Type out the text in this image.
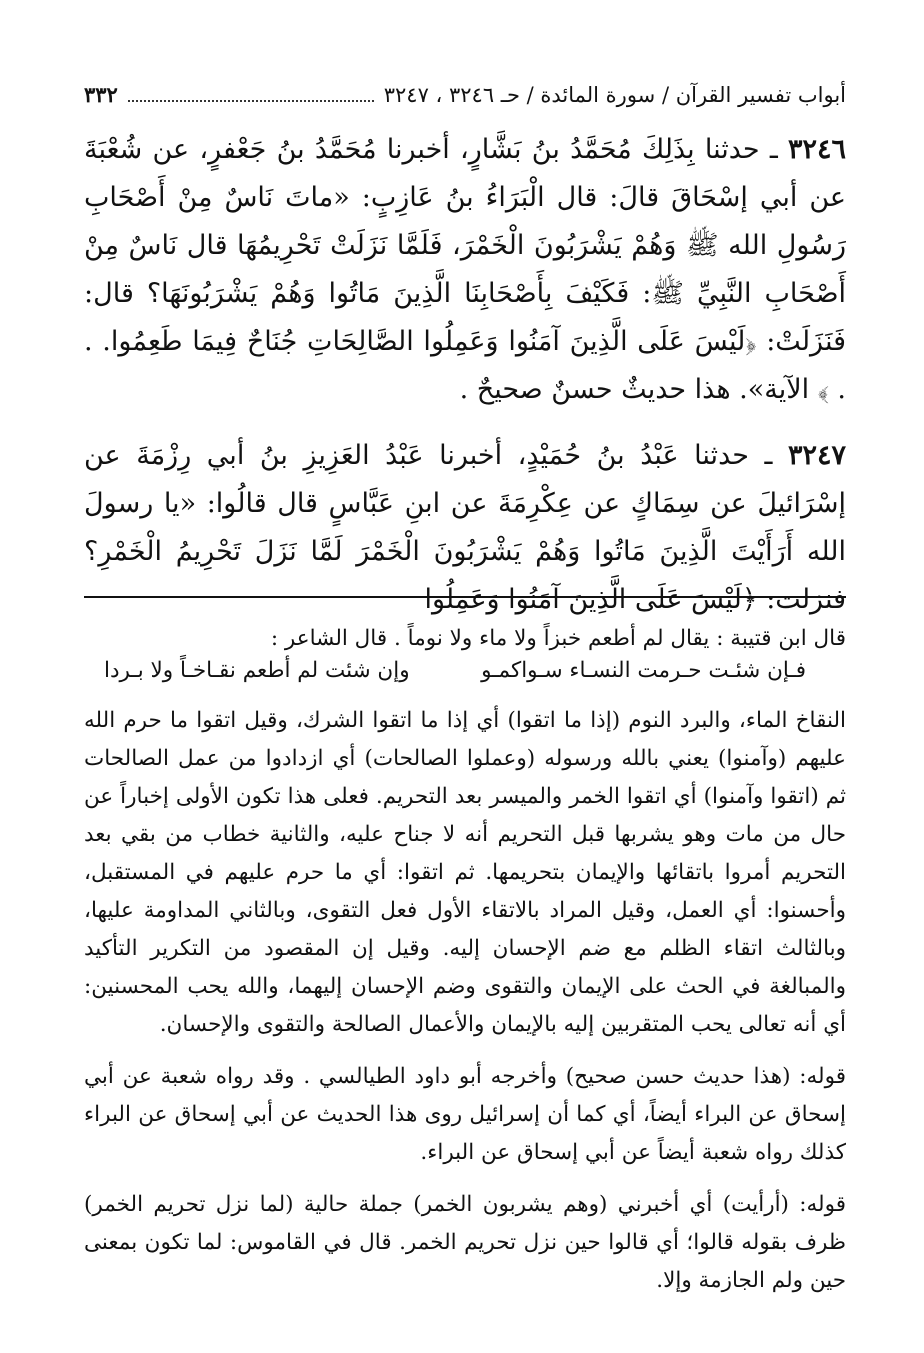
أبواب تفسير القرآن / سورة المائدة / حـ ٣٢٤٦ ، ٣٢٤٧
٣٣٢

٣٢٤٦ ـ حدثنا بِذَلِكَ مُحَمَّدُ بنُ بَشَّارٍ، أخبرنا مُحَمَّدُ بنُ جَعْفرٍ، عن شُعْبَةَ عن أبي إسْحَاقَ قالَ: قال الْبَرَاءُ بنُ عَازِبٍ: «ماتَ نَاسٌ مِنْ أَصْحَابِ رَسُولِ الله ﷺ وَهُمْ يَشْرَبُونَ الْخَمْرَ، فَلَمَّا نَزَلَتْ تَحْرِيمُهَا قال نَاسٌ مِنْ أَصْحَابِ النَّبِيِّ ﷺ: فَكَيْفَ بِأَصْحَابِنَا الَّذِينَ مَاتُوا وَهُمْ يَشْرَبُونَهَا؟ قال: فَنَزَلَتْ: ﴿لَيْسَ عَلَى الَّذِينَ آمَنُوا وَعَمِلُوا الصَّالِحَاتِ جُنَاحٌ فِيمَا طَعِمُوا. . . ﴾ الآية». هذا حديثٌ حسنٌ صحيحٌ .

٣٢٤٧ ـ حدثنا عَبْدُ بنُ حُمَيْدٍ، أخبرنا عَبْدُ العَزِيزِ بنُ أبي رِزْمَةَ عن إسْرَائيلَ عن سِمَاكٍ عن عِكْرِمَةَ عن ابنِ عَبَّاسٍ قال قالُوا: «يا رسولَ الله أَرَأَيْتَ الَّذِينَ مَاتُوا وَهُمْ يَشْرَبُونَ الْخَمْرَ لَمَّا نَزَلَ تَحْرِيمُ الْخَمْرِ؟ فنزلت: ﴿لَيْسَ عَلَى الَّذِينَ آمَنُوا وَعَمِلُوا

قال ابن قتيبة : يقال لم أطعم خبزاً ولا ماء ولا نوماً . قال الشاعر :

فـإن شئـت حـرمت النسـاء سـواكمـو
وإن شئت لم أطعم نقـاخـاً ولا بـردا

النقاخ الماء، والبرد النوم (إذا ما اتقوا) أي إذا ما اتقوا الشرك، وقيل اتقوا ما حرم الله عليهم (وآمنوا) يعني بالله ورسوله (وعملوا الصالحات) أي ازدادوا من عمل الصالحات ثم (اتقوا وآمنوا) أي اتقوا الخمر والميسر بعد التحريم. فعلى هذا تكون الأولى إخباراً عن حال من مات وهو يشربها قبل التحريم أنه لا جناح عليه، والثانية خطاب من بقي بعد التحريم أمروا باتقائها والإيمان بتحريمها. ثم اتقوا: أي ما حرم عليهم في المستقبل، وأحسنوا: أي العمل، وقيل المراد بالاتقاء الأول فعل التقوى، وبالثاني المداومة عليها، وبالثالث اتقاء الظلم مع ضم الإحسان إليه. وقيل إن المقصود من التكرير التأكيد والمبالغة في الحث على الإيمان والتقوى وضم الإحسان إليهما، والله يحب المحسنين: أي أنه تعالى يحب المتقربين إليه بالإيمان والأعمال الصالحة والتقوى والإحسان.

قوله: (هذا حديث حسن صحيح) وأخرجه أبو داود الطيالسي . وقد رواه شعبة عن أبي إسحاق عن البراء أيضاً، أي كما أن إسرائيل روى هذا الحديث عن أبي إسحاق عن البراء كذلك رواه شعبة أيضاً عن أبي إسحاق عن البراء.

قوله: (أرأيت) أي أخبرني (وهم يشربون الخمر) جملة حالية (لما نزل تحريم الخمر) ظرف بقوله قالوا؛ أي قالوا حين نزل تحريم الخمر. قال في القاموس: لما تكون بمعنى حين ولم الجازمة وإلا.
